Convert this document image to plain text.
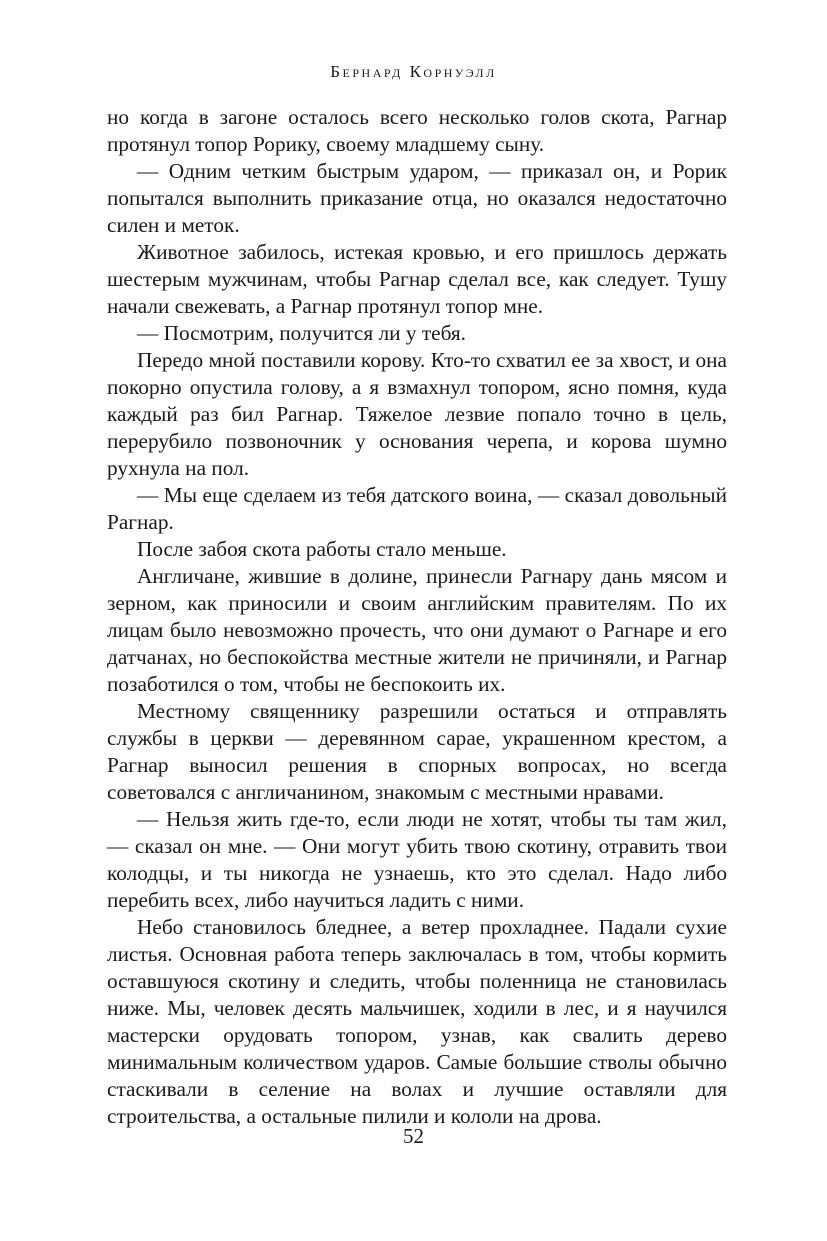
Бернард Корнуэлл

но когда в загоне осталось всего несколько голов скота, Рагнар протянул топор Рорику, своему младшему сыну.

— Одним четким быстрым ударом, — приказал он, и Рорик попытался выполнить приказание отца, но оказался недостаточно силен и меток.

Животное забилось, истекая кровью, и его пришлось держать шестерым мужчинам, чтобы Рагнар сделал все, как следует. Тушу начали свежевать, а Рагнар протянул топор мне.

— Посмотрим, получится ли у тебя.

Передо мной поставили корову. Кто-то схватил ее за хвост, и она покорно опустила голову, а я взмахнул топором, ясно помня, куда каждый раз бил Рагнар. Тяжелое лезвие попало точно в цель, перерубило позвоночник у основания черепа, и корова шумно рухнула на пол.

— Мы еще сделаем из тебя датского воина, — сказал довольный Рагнар.

После забоя скота работы стало меньше.

Англичане, жившие в долине, принесли Рагнару дань мясом и зерном, как приносили и своим английским правителям. По их лицам было невозможно прочесть, что они думают о Рагнаре и его датчанах, но беспокойства местные жители не причиняли, и Рагнар позаботился о том, чтобы не беспокоить их.

Местному священнику разрешили остаться и отправлять службы в церкви — деревянном сарае, украшенном крестом, а Рагнар выносил решения в спорных вопросах, но всегда советовался с англичанином, знакомым с местными нравами.

— Нельзя жить где-то, если люди не хотят, чтобы ты там жил, — сказал он мне. — Они могут убить твою скотину, отравить твои колодцы, и ты никогда не узнаешь, кто это сделал. Надо либо перебить всех, либо научиться ладить с ними.

Небо становилось бледнее, а ветер прохладнее. Падали сухие листья. Основная работа теперь заключалась в том, чтобы кормить оставшуюся скотину и следить, чтобы поленница не становилась ниже. Мы, человек десять мальчишек, ходили в лес, и я научился мастерски орудовать топором, узнав, как свалить дерево минимальным количеством ударов. Самые большие стволы обычно стаскивали в селение на волах и лучшие оставляли для строительства, а остальные пилили и кололи на дрова.

52
